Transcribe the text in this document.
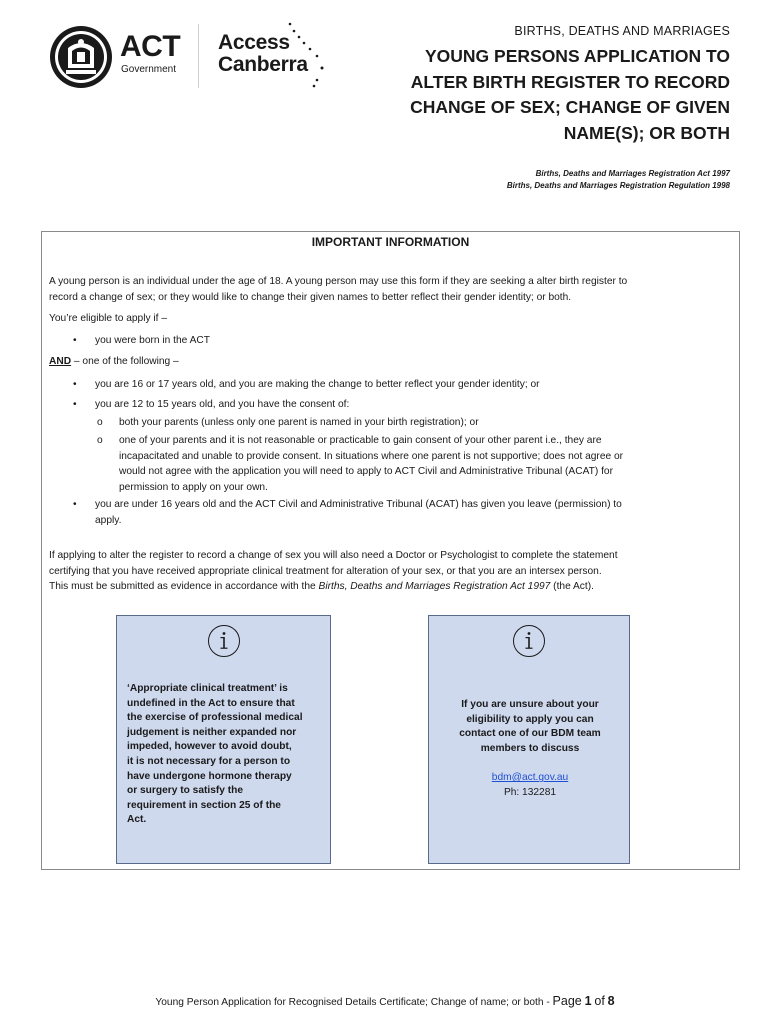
ACT
Government
Access
Canberra
BIRTHS, DEATHS AND MARRIAGES
YOUNG PERSONS APPLICATION TO
ALTER BIRTH REGISTER TO RECORD
CHANGE OF SEX; CHANGE OF GIVEN
NAME(S); OR BOTH
Births, Deaths and Marriages Registration Act 1997
Births, Deaths and Marriages Registration Regulation 1998
IMPORTANT INFORMATION
A young person is an individual under the age of 18. A young person may use this form if they are seeking a alter birth register to
record a change of sex; or they would like to change their given names to better reflect their gender identity; or both.
You’re eligible to apply if –
• you were born in the ACT
AND – one of the following –
• you are 16 or 17 years old, and you are making the change to better reflect your gender identity; or
• you are 12 to 15 years old, and you have the consent of:
o both your parents (unless only one parent is named in your birth registration); or
o one of your parents and it is not reasonable or practicable to gain consent of your other parent i.e., they are
incapacitated and unable to provide consent. In situations where one parent is not supportive; does not agree or
would not agree with the application you will need to apply to ACT Civil and Administrative Tribunal (ACAT) for
permission to apply on your own.
• you are under 16 years old and the ACT Civil and Administrative Tribunal (ACAT) has given you leave (permission) to
apply.
If applying to alter the register to record a change of sex you will also need a Doctor or Psychologist to complete the statement
certifying that you have received appropriate clinical treatment for alteration of your sex, or that you are an intersex person.
This must be submitted as evidence in accordance with the Births, Deaths and Marriages Registration Act 1997 (the Act).
‘Appropriate clinical treatment’ is
undefined in the Act to ensure that
the exercise of professional medical
judgement is neither expanded nor
impeded, however to avoid doubt,
it is not necessary for a person to
have undergone hormone therapy
or surgery to satisfy the
requirement in section 25 of the
Act.
If you are unsure about your
eligibility to apply you can
contact one of our BDM team
members to discuss
bdm@act.gov.au
Ph: 132281
Young Person Application for Recognised Details Certificate; Change of name; or both - Page 1 of 8
